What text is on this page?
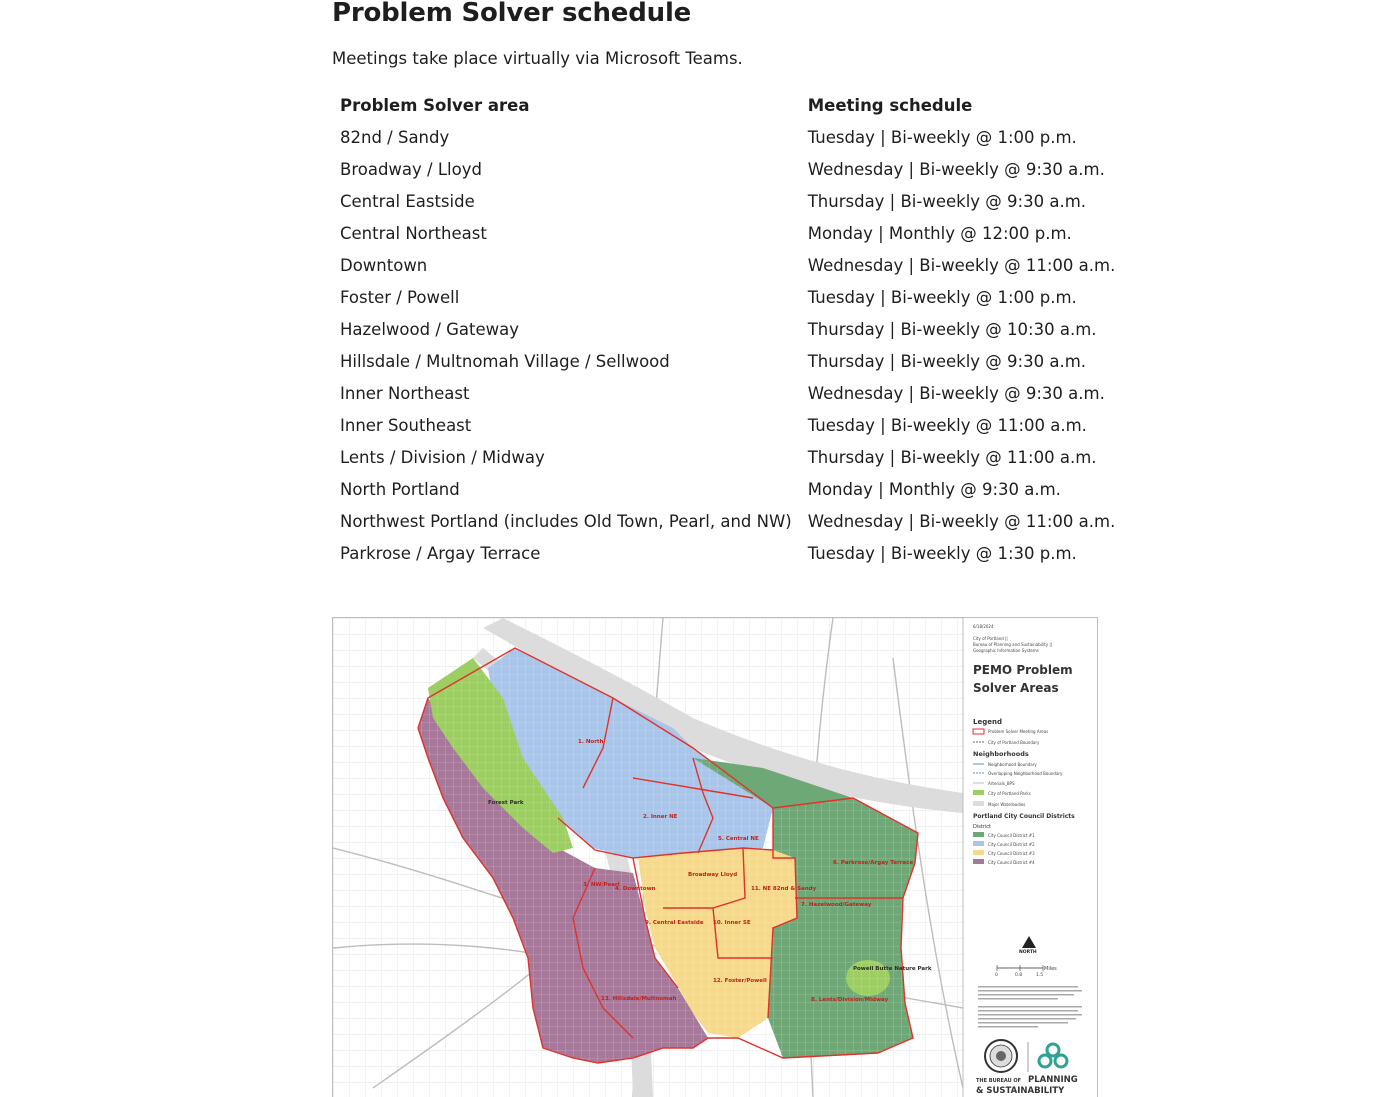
Problem Solver schedule

Meetings take place virtually via Microsoft Teams.

Problem Solver area	Meeting schedule
82nd / Sandy	Tuesday | Bi-weekly @ 1:00 p.m.
Broadway / Lloyd	Wednesday | Bi-weekly @ 9:30 a.m.
Central Eastside	Thursday | Bi-weekly @ 9:30 a.m.
Central Northeast	Monday | Monthly @ 12:00 p.m.
Downtown	Wednesday | Bi-weekly @ 11:00 a.m.
Foster / Powell	Tuesday | Bi-weekly @ 1:00 p.m.
Hazelwood / Gateway	Thursday | Bi-weekly @ 10:30 a.m.
Hillsdale / Multnomah Village / Sellwood	Thursday | Bi-weekly @ 9:30 a.m.
Inner Northeast	Wednesday | Bi-weekly @ 9:30 a.m.
Inner Southeast	Tuesday | Bi-weekly @ 11:00 a.m.
Lents / Division / Midway	Thursday | Bi-weekly @ 11:00 a.m.
North Portland	Monday | Monthly @ 9:30 a.m.
Northwest Portland (includes Old Town, Pearl, and NW)	Wednesday | Bi-weekly @ 11:00 a.m.
Parkrose / Argay Terrace	Tuesday | Bi-weekly @ 1:30 p.m.
1. North
2. Inner NE
5. Central NE
6. Parkrose/Argay Terrace
4. Downtown
Broadway Lloyd
3. NW/Pearl
11. NE 82nd & Sandy
7. Hazelwood/Gateway
10. Inner SE
9. Central Eastside
12. Foster/Powell
8. Lents/Division/Midway
13. Hillsdale/Multnomah
Forest Park
Powell Butte Nature Park
6/18/2024
City of Portland ||
Bureau of Planning and Sustainability ||
Geographic Information Systems
PEMO Problem
Solver Areas
Legend
Problem Solver Meeting Areas
City of Portland Boundary
Neighborhoods
Neighborhood Boundary
Overlapping Neighborhood Boundary
Arterials_BPS
City of Portland Parks
Major Waterbodies
Portland City Council Districts
District
City Council District #1
City Council District #2
City Council District #3
City Council District #4
NORTH
0	0.8	1.5
Miles
THE BUREAU OF PLANNING
& SUSTAINABILITY
